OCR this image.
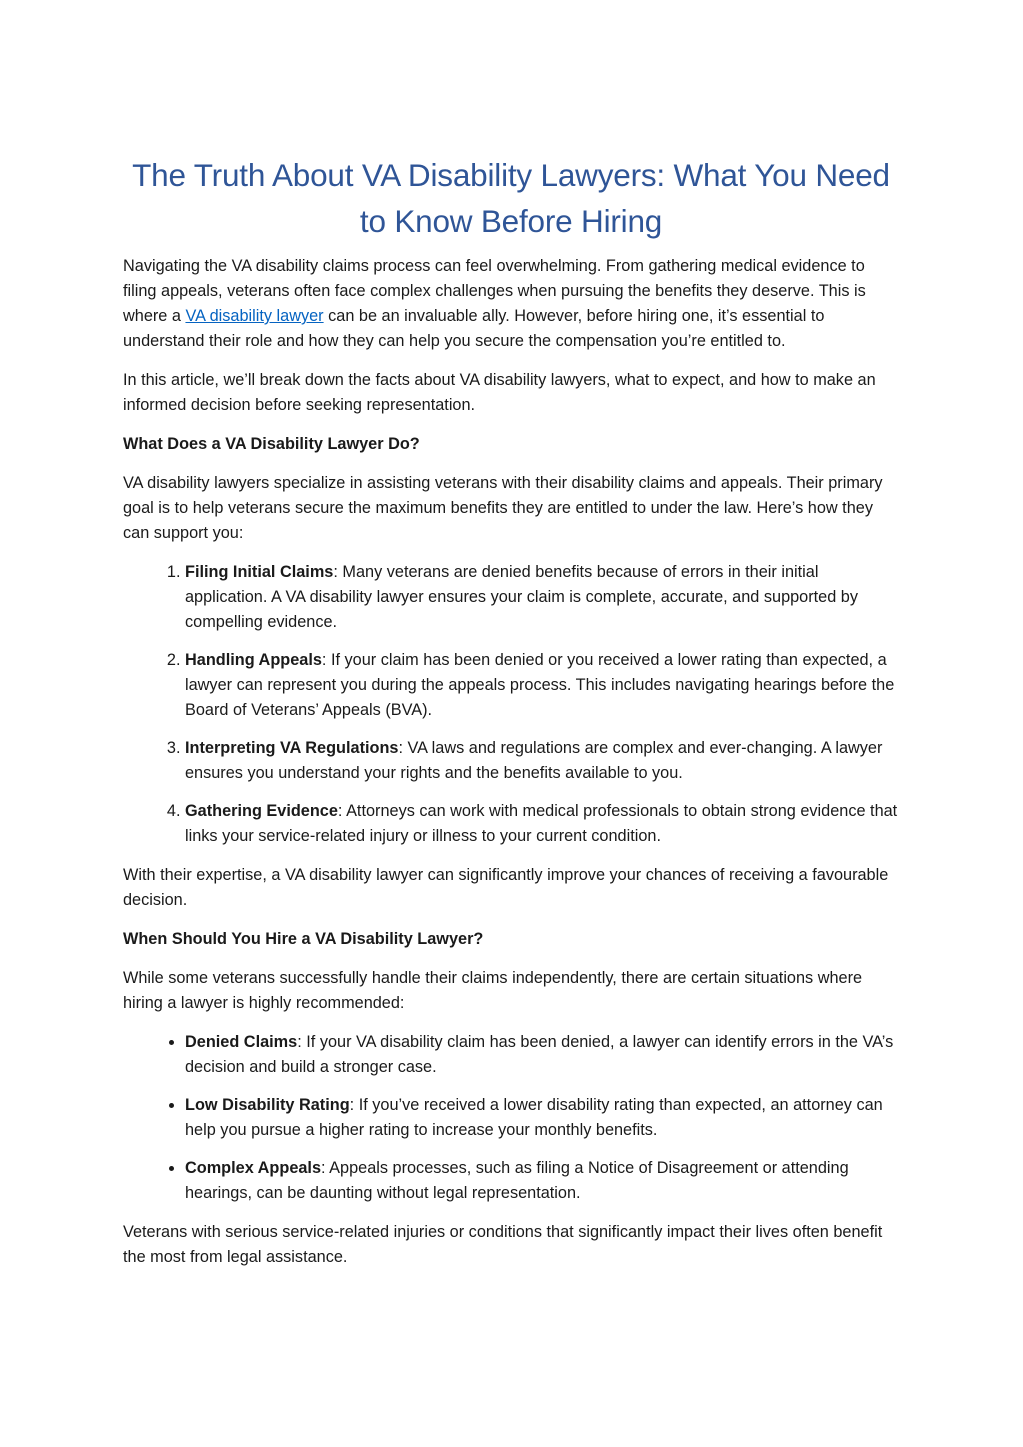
The Truth About VA Disability Lawyers: What You Need to Know Before Hiring

Navigating the VA disability claims process can feel overwhelming. From gathering medical evidence to filing appeals, veterans often face complex challenges when pursuing the benefits they deserve. This is where a VA disability lawyer can be an invaluable ally. However, before hiring one, it’s essential to understand their role and how they can help you secure the compensation you’re entitled to.

In this article, we’ll break down the facts about VA disability lawyers, what to expect, and how to make an informed decision before seeking representation.

What Does a VA Disability Lawyer Do?

VA disability lawyers specialize in assisting veterans with their disability claims and appeals. Their primary goal is to help veterans secure the maximum benefits they are entitled to under the law. Here’s how they can support you:

1. Filing Initial Claims: Many veterans are denied benefits because of errors in their initial application. A VA disability lawyer ensures your claim is complete, accurate, and supported by compelling evidence.
2. Handling Appeals: If your claim has been denied or you received a lower rating than expected, a lawyer can represent you during the appeals process. This includes navigating hearings before the Board of Veterans’ Appeals (BVA).
3. Interpreting VA Regulations: VA laws and regulations are complex and ever-changing. A lawyer ensures you understand your rights and the benefits available to you.
4. Gathering Evidence: Attorneys can work with medical professionals to obtain strong evidence that links your service-related injury or illness to your current condition.

With their expertise, a VA disability lawyer can significantly improve your chances of receiving a favourable decision.

When Should You Hire a VA Disability Lawyer?

While some veterans successfully handle their claims independently, there are certain situations where hiring a lawyer is highly recommended:

• Denied Claims: If your VA disability claim has been denied, a lawyer can identify errors in the VA’s decision and build a stronger case.
• Low Disability Rating: If you’ve received a lower disability rating than expected, an attorney can help you pursue a higher rating to increase your monthly benefits.
• Complex Appeals: Appeals processes, such as filing a Notice of Disagreement or attending hearings, can be daunting without legal representation.

Veterans with serious service-related injuries or conditions that significantly impact their lives often benefit the most from legal assistance.
